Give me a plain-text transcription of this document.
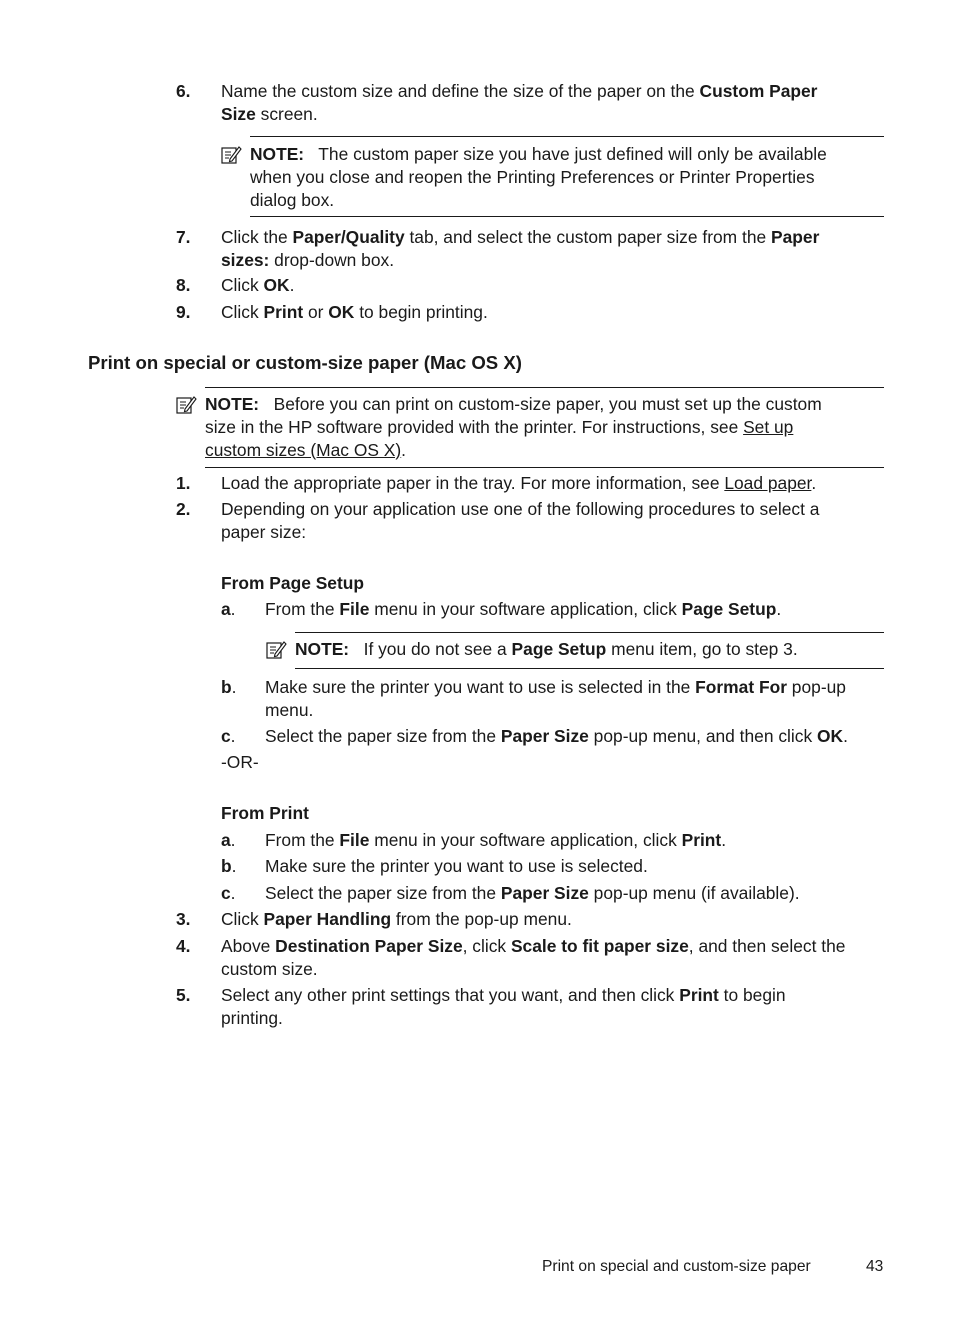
6.	Name the custom size and define the size of the paper on the Custom Paper
Size screen.
NOTE: The custom paper size you have just defined will only be available
when you close and reopen the Printing Preferences or Printer Properties
dialog box.
7.	Click the Paper/Quality tab, and select the custom paper size from the Paper
sizes: drop-down box.
8.	Click OK.
9.	Click Print or OK to begin printing.
Print on special or custom-size paper (Mac OS X)
NOTE: Before you can print on custom-size paper, you must set up the custom
size in the HP software provided with the printer. For instructions, see Set up
custom sizes (Mac OS X).
1.	Load the appropriate paper in the tray. For more information, see Load paper.
2.	Depending on your application use one of the following procedures to select a
paper size:
From Page Setup
a. From the File menu in your software application, click Page Setup.
NOTE: If you do not see a Page Setup menu item, go to step 3.
b. Make sure the printer you want to use is selected in the Format For pop-up
menu.
c. Select the paper size from the Paper Size pop-up menu, and then click OK.
-OR-
From Print
a. From the File menu in your software application, click Print.
b. Make sure the printer you want to use is selected.
c. Select the paper size from the Paper Size pop-up menu (if available).
3.	Click Paper Handling from the pop-up menu.
4.	Above Destination Paper Size, click Scale to fit paper size, and then select the
custom size.
5.	Select any other print settings that you want, and then click Print to begin
printing.
Print on special and custom-size paper	43
